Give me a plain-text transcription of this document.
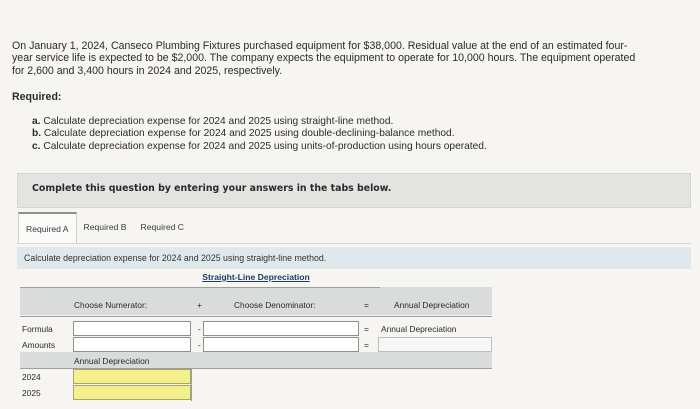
On January 1, 2024, Canseco Plumbing Fixtures purchased equipment for $38,000. Residual value at the end of an estimated four-
year service life is expected to be $2,000. The company expects the equipment to operate for 10,000 hours. The equipment operated
for 2,600 and 3,400 hours in 2024 and 2025, respectively.
Required:
a. Calculate depreciation expense for 2024 and 2025 using straight-line method.
b. Calculate depreciation expense for 2024 and 2025 using double-declining-balance method.
c. Calculate depreciation expense for 2024 and 2025 using units-of-production using hours operated.
Complete this question by entering your answers in the tabs below.
Required A	Required B	Required C
Calculate depreciation expense for 2024 and 2025 using straight-line method.
Straight-Line Depreciation
Choose Numerator:	+	Choose Denominator:	=	Annual Depreciation
Formula	-	= Annual Depreciation
Amounts	-	=
Annual Depreciation
2024
2025
